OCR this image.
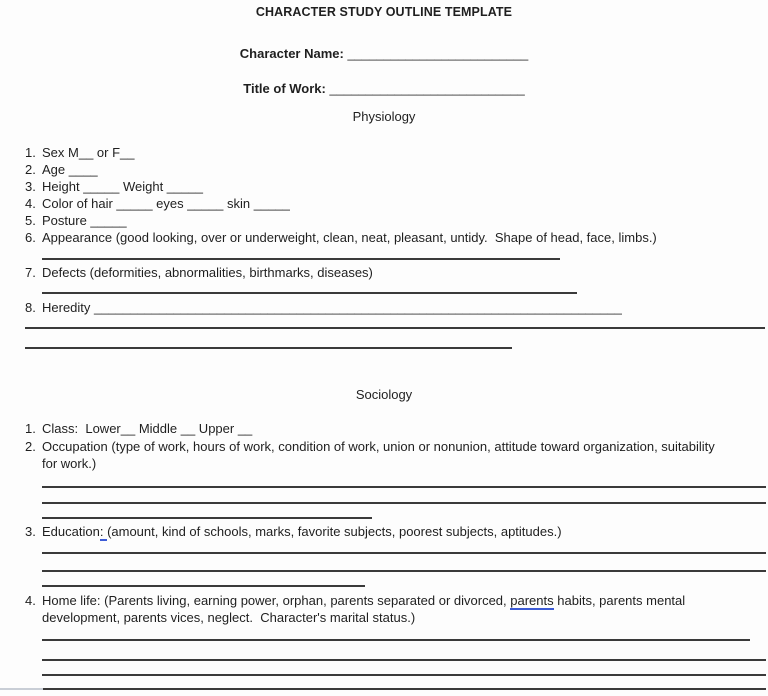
CHARACTER STUDY OUTLINE TEMPLATE
Character Name: _________________________
Title of Work: ___________________________
Physiology
1. Sex M__ or F__
2. Age ____
3. Height _____ Weight _____
4. Color of hair _____ eyes _____ skin _____
5. Posture _____
6. Appearance (good looking, over or underweight, clean, neat, pleasant, untidy.  Shape of head, face, limbs.)
7. Defects (deformities, abnormalities, birthmarks, diseases)
8. Heredity _________________________________________________________________________
Sociology
1. Class:  Lower__ Middle __ Upper __
2. Occupation (type of work, hours of work, condition of work, union or nonunion, attitude toward organization, suitability
for work.)
3. Education: (amount, kind of schools, marks, favorite subjects, poorest subjects, aptitudes.)
4. Home life: (Parents living, earning power, orphan, parents separated or divorced, parents habits, parents mental
development, parents vices, neglect.  Character's marital status.)
